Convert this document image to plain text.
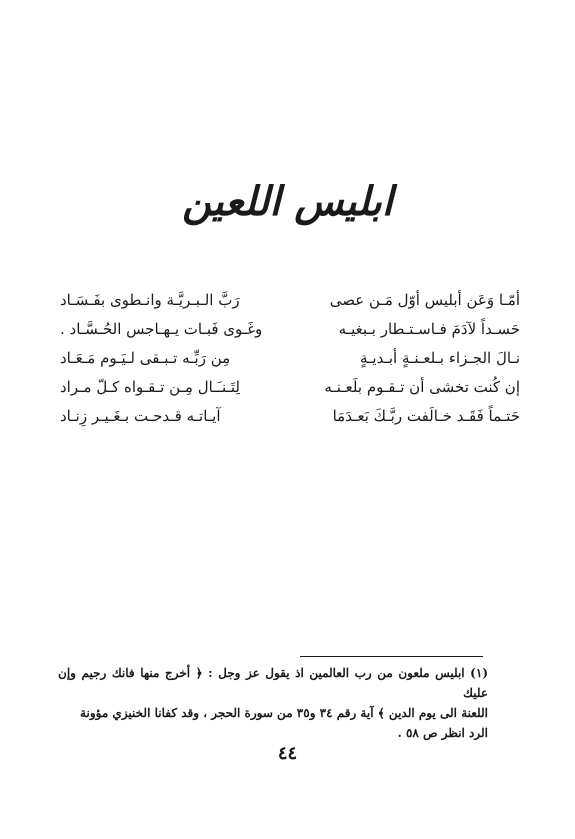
ابليس اللعين
أمّـا وَعَن أبليس أوّل مَـن عصى
رَبَّ الـبـريَّـة وانـطوى بفَـسَـاد
حَسـداً لآدَمَ فـاسـتـطار بـبغيـه
وغَـوى فَبـات يـهـاجس الحُـسَّـاد .
نـالَ الجـزاء بـلعـنـةٍ أبـديـةٍ
مِن رَبِّـه تـبـقى لـيَـوم مَـعَـاد
إن كُنت تخشى أن تـقـوم بلَعـنـه
لِتَـنـَـال مِـن تـقـواه كـلّ مـراد
حَتـماً فَقَـد خـالَفت ربَّـكَ بَعـدَمَا
آيـاتـه قـدحـت بـغَـيـر زِنـاد

(١) ابليس ملعون من رب العالمين اذ يقول عز وجل : ﴿ أخرج منها فانك رجيم وإن عليك

اللعنة الى يوم الدين ﴾ آية رقم ٣٤ و٣٥ من سورة الحجر ، وقد كفانا الخنيزي مؤونة

الرد انظر ص ٥٨ .

٤٤
